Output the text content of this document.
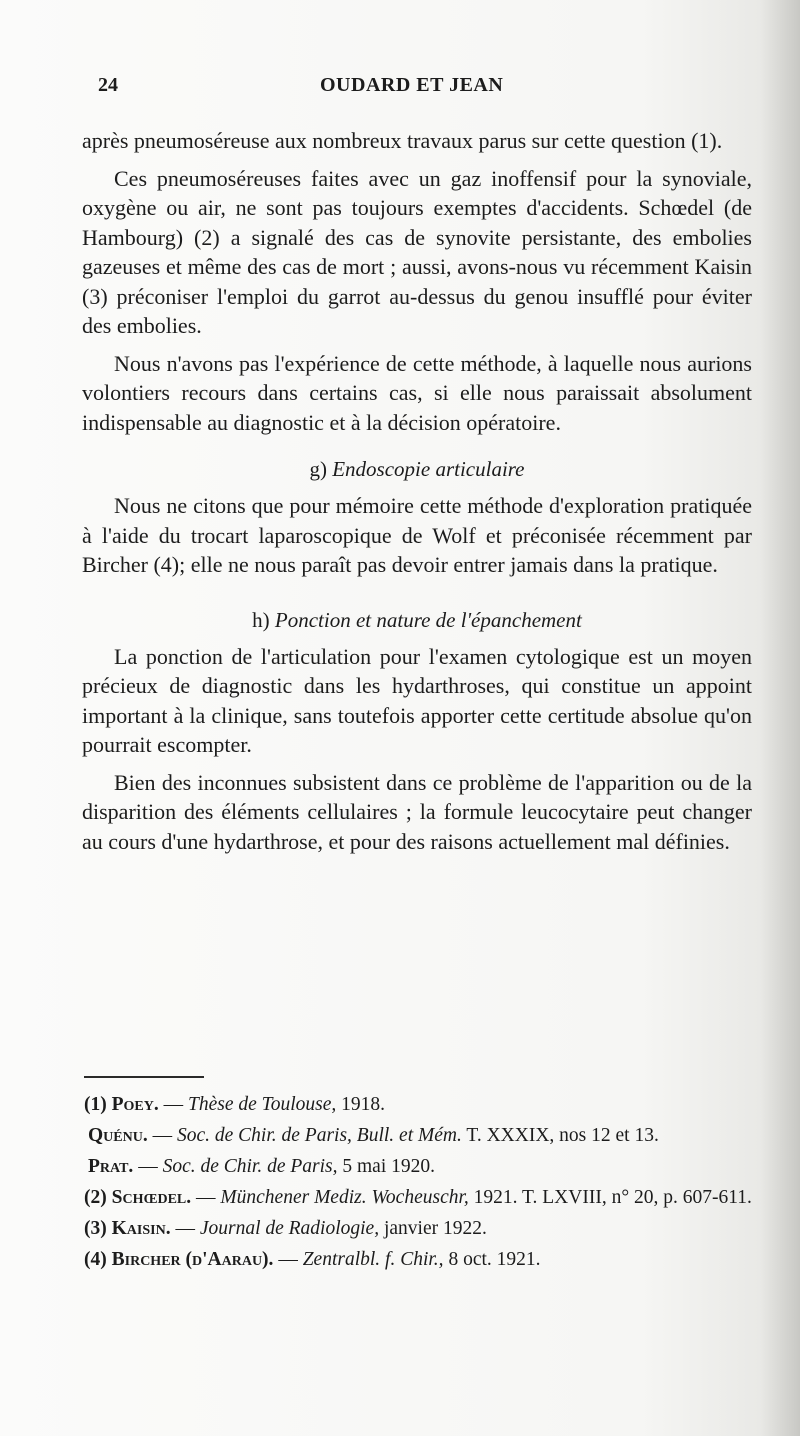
24	OUDARD ET JEAN

après pneumoséreuse aux nombreux travaux parus sur cette question (1).

Ces pneumoséreuses faites avec un gaz inoffensif pour la synoviale, oxygène ou air, ne sont pas toujours exemptes d'accidents. Schœdel (de Hambourg) (2) a signalé des cas de synovite persistante, des embolies gazeuses et même des cas de mort ; aussi, avons-nous vu récemment Kaisin (3) préconiser l'emploi du garrot au-dessus du genou insufflé pour éviter des embolies.

Nous n'avons pas l'expérience de cette méthode, à laquelle nous aurions volontiers recours dans certains cas, si elle nous paraissait absolument indispensable au diagnostic et à la décision opératoire.

g) Endoscopie articulaire

Nous ne citons que pour mémoire cette méthode d'exploration pratiquée à l'aide du trocart laparoscopique de Wolf et préconisée récemment par Bircher (4); elle ne nous paraît pas devoir entrer jamais dans la pratique.

h) Ponction et nature de l'épanchement

La ponction de l'articulation pour l'examen cytologique est un moyen précieux de diagnostic dans les hydarthroses, qui constitue un appoint important à la clinique, sans toutefois apporter cette certitude absolue qu'on pourrait escompter.

Bien des inconnues subsistent dans ce problème de l'apparition ou de la disparition des éléments cellulaires ; la formule leucocytaire peut changer au cours d'une hydarthrose, et pour des raisons actuellement mal définies.

(1) Poey. — Thèse de Toulouse, 1918.

Quénu. — Soc. de Chir. de Paris, Bull. et Mém. T. XXXIX, nos 12 et 13.

Prat. — Soc. de Chir. de Paris, 5 mai 1920.

(2) Schœdel. — Münchener Mediz. Wocheuschr, 1921. T. LXVIII, n° 20, p. 607-611.

(3) Kaisin. — Journal de Radiologie, janvier 1922.

(4) Bircher (d'Aarau). — Zentralbl. f. Chir., 8 oct. 1921.
